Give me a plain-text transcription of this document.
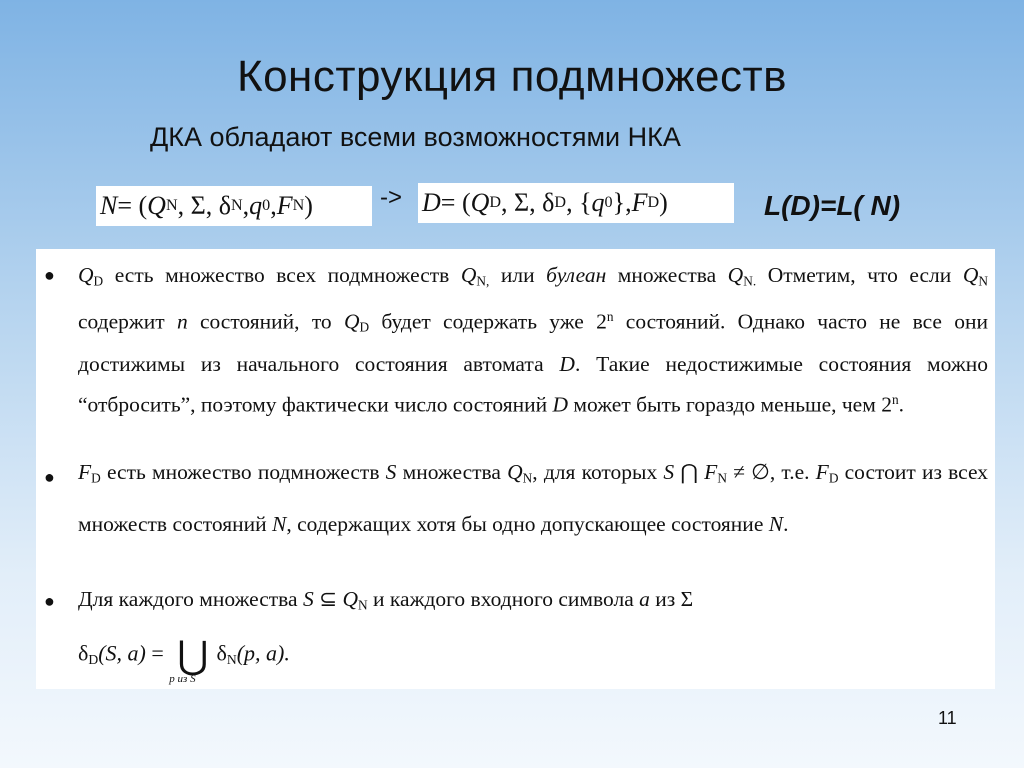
Конструкция подмножеств
ДКА обладают всеми возможностями НКА
N = ( Q N , Σ, δ N , q 0 , F N )	-> D = ( Q D , Σ, δ D , { q 0 }, F D )	L(D)=L( N)
● $Q_D$ есть множество всех подмножеств $Q_{N,}$ или булеан множества $Q_{N.}$ Отметим, что если $Q_N$ содержит n состояний, то $Q_D$ будет содержать уже 2$^n$ состояний. Однако часто не все они достижимы из начального состояния автомата D. Такие недостижимые состояния можно “отбросить”, поэтому фактически число состояний D может быть гораздо меньше, чем 2$^n$.
● $F_D$ есть множество подмножеств S множества $Q_N$, для которых S ⋂ $F_N$ ≠ ∅, т.е. $F_D$ состоит из всех множеств состояний N, содержащих хотя бы одно допускающее состояние N.
● Для каждого множества S ⊆ $Q_N$ и каждого входного символа a из Σ
$\delta_D(S$, a) = ⋃
p из S
$\delta_N(p$, a).
11
